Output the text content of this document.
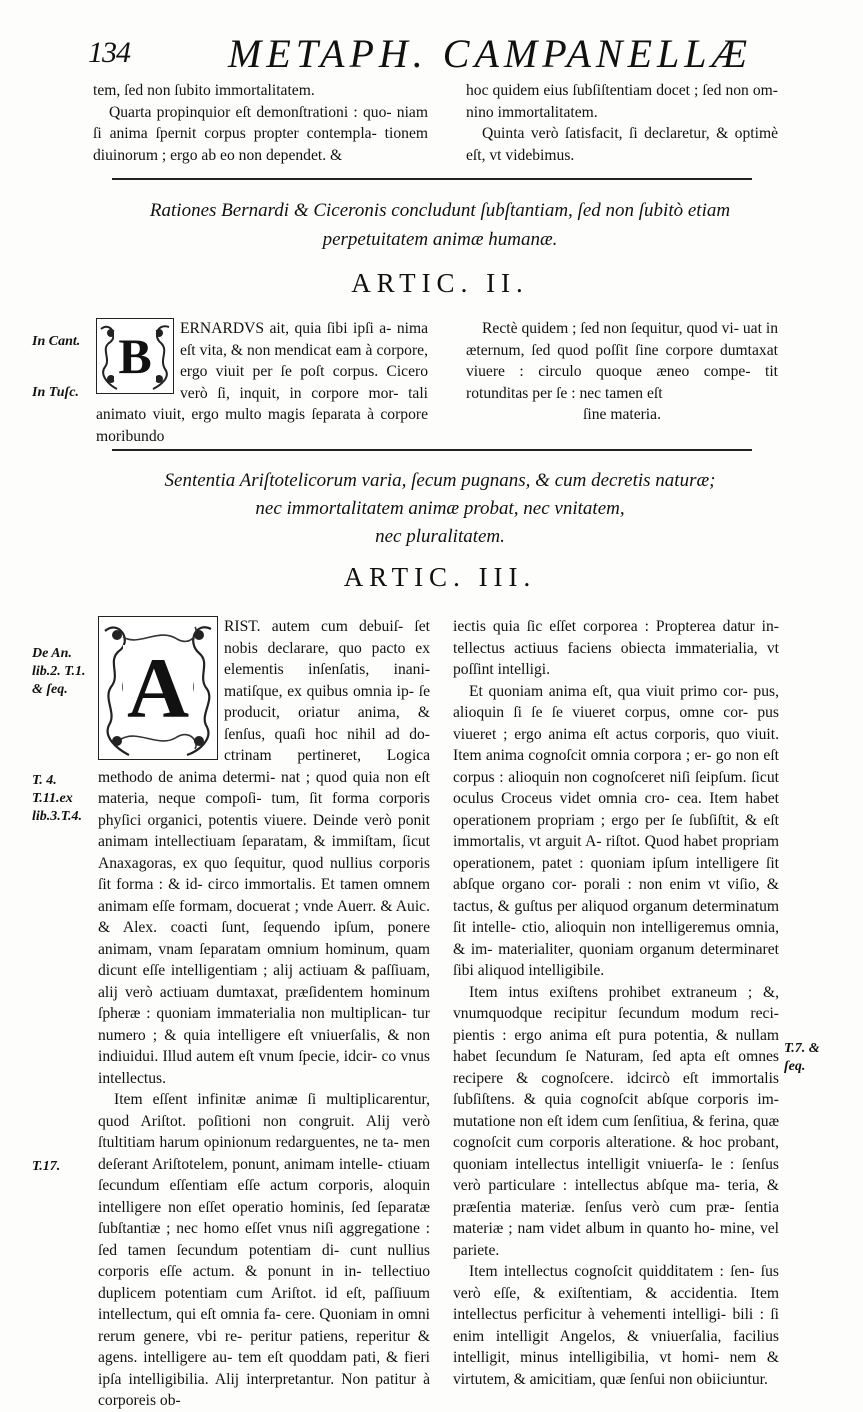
134 METAPH. CAMPANELLÆ

tem, ſed non ſubito immortalitatem.

Quarta propinquior eſt demonſtrationi : quo- niam ſi anima ſpernit corpus propter contempla- tionem diuinorum ; ergo ab eo non dependet. &

hoc quidem eius ſubſiſtentiam docet ; ſed non om- nino immortalitatem.

Quinta verò ſatisfacit, ſi declaretur, & optimè eſt, vt videbimus.

Rationes Bernardi & Ciceronis concludunt ſubſtantiam, ſed non ſubitò etiam
perpetuitatem animæ humanæ.
ARTIC. II.
In Cant.
In Tuſc.
B	ERNARDVS ait, quia ſibi ipſi a- nima eſt vita, & non mendicat eam à corpore, ergo viuit per ſe poſt corpus. Cicero verò ſi, inquit, in corpore mor- tali animato viuit, ergo multo magis ſeparata à corpore moribundo

Rectè quidem ; ſed non ſequitur, quod vi- uat in æternum, ſed quod poſſit ſine corpore dumtaxat viuere : circulo quoque æneo compe- tit rotunditas per ſe : nec tamen eſt

ſine materia.

Sententia Ariſtotelicorum varia, ſecum pugnans, & cum decretis naturæ;
nec immortalitatem animæ probat, nec vnitatem,
nec pluralitatem.
ARTIC. III.
De An.
lib.2. T.1.
& ſeq.
T. 4.
T.11.ex
lib.3.T.4.
T.17.
T.7. &
ſeq.
A

RIST. autem cum debuiſ- ſet nobis declarare, quo pacto ex elementis inſenſatis, inani- matiſque, ex quibus omnia ip- ſe producit, oriatur anima, & ſenſus, quaſi hoc nihil ad do- ctrinam pertineret, Logica methodo de anima determi- nat ; quod quia non eſt materia, neque compoſi- tum, ſit forma corporis phyſici organici, potentis viuere. Deinde verò ponit animam intellectiuam ſeparatam, & immiſtam, ſicut Anaxagoras, ex quo ſequitur, quod nullius corporis ſit forma : & id- circo immortalis. Et tamen omnem animam eſſe formam, docuerat ; vnde Auerr. & Auic. & Alex. coacti ſunt, ſequendo ipſum, ponere animam, vnam ſeparatam omnium hominum, quam dicunt eſſe intelligentiam ; alij actiuam & paſſiuam, alij verò actiuam dumtaxat, præſidentem hominum ſpheræ : quoniam immaterialia non multiplican- tur numero ; & quia intelligere eſt vniuerſalis, & non indiuidui. Illud autem eſt vnum ſpecie, idcir- co vnus intellectus.

Item eſſent infinitæ animæ ſi multiplicarentur, quod Ariſtot. poſitioni non congruit. Alij verò ſtultitiam harum opinionum redarguentes, ne ta- men deſerant Ariſtotelem, ponunt, animam intelle- ctiuam ſecundum eſſentiam eſſe actum corporis, aloquin intelligere non eſſet operatio hominis, ſed ſeparatæ ſubſtantiæ ; nec homo eſſet vnus niſi aggregatione : ſed tamen ſecundum potentiam di- cunt nullius corporis eſſe actum. & ponunt in in- tellectiuo duplicem potentiam cum Ariſtot. id eſt, paſſiuum intellectum, qui eſt omnia fa- cere. Quoniam in omni rerum genere, vbi re- peritur patiens, reperitur & agens. intelligere au- tem eſt quoddam pati, & fieri ipſa intelligibilia. Alij interpretantur. Non patitur à corporeis ob-

iectis quia ſic eſſet corporea : Propterea datur in- tellectus actiuus faciens obiecta immaterialia, vt poſſint intelligi.

Et quoniam anima eſt, qua viuit primo cor- pus, alioquin ſi ſe ſe viueret corpus, omne cor- pus viueret ; ergo anima eſt actus corporis, quo viuit. Item anima cognoſcit omnia corpora ; er- go non eſt corpus : alioquin non cognoſceret niſi ſeipſum. ſicut oculus Croceus videt omnia cro- cea. Item habet operationem propriam ; ergo per ſe ſubſiſtit, & eſt immortalis, vt arguit A- riſtot. Quod habet propriam operationem, patet : quoniam ipſum intelligere ſit abſque organo cor- porali : non enim vt viſio, & tactus, & guſtus per aliquod organum determinatum ſit intelle- ctio, alioquin non intelligeremus omnia, & im- materialiter, quoniam organum determinaret ſibi aliquod intelligibile.

Item intus exiſtens prohibet extraneum ; &, vnumquodque recipitur ſecundum modum reci- pientis : ergo anima eſt pura potentia, & nullam habet ſecundum ſe Naturam, ſed apta eſt omnes recipere & cognoſcere. idcircò eſt immortalis ſubſiſtens. & quia cognoſcit abſque corporis im- mutatione non eſt idem cum ſenſitiua, & ferina, quæ cognoſcit cum corporis alteratione. & hoc probant, quoniam intellectus intelligit vniuerſa- le : ſenſus verò particulare : intellectus abſque ma- teria, & præſentia materiæ. ſenſus verò cum præ- ſentia materiæ ; nam videt album in quanto ho- mine, vel pariete.

Item intellectus cognoſcit quidditatem : ſen- ſus verò eſſe, & exiſtentiam, & accidentia. Item intellectus perficitur à vehementi intelligi- bili : ſi enim intelligit Angelos, & vniuerſalia, facilius intelligit, minus intelligibilia, vt homi- nem & virtutem, & amicitiam, quæ ſenſui non obiiciuntur.
